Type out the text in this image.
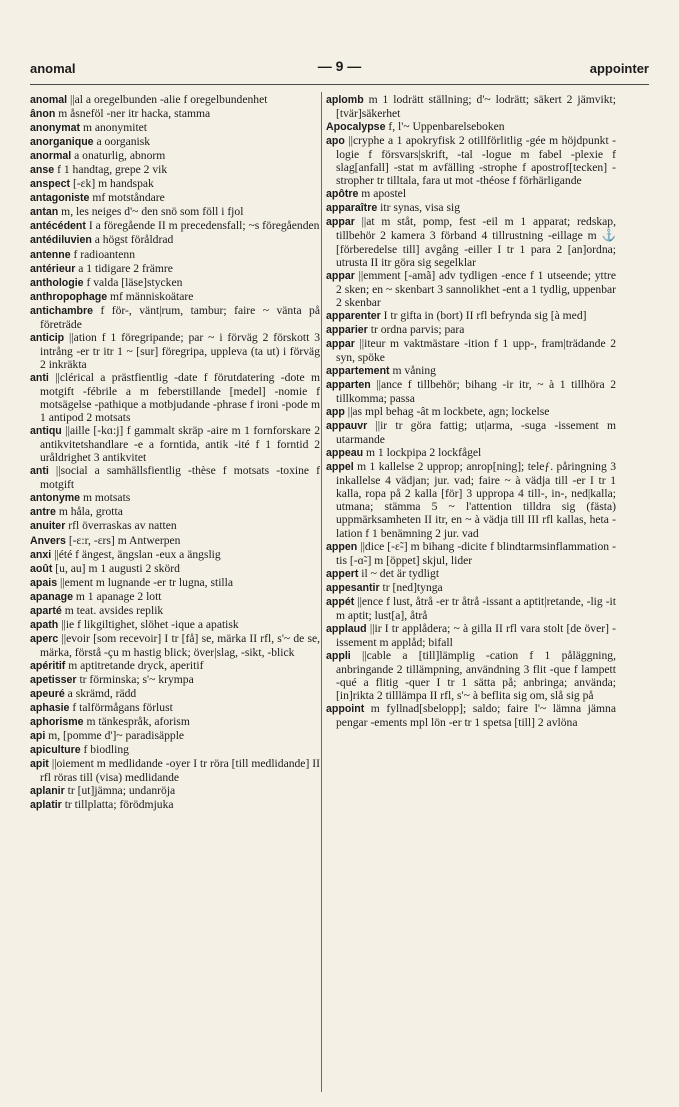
anomal	— 9 —	appointer

anomal ||al a oregelbunden -alie f oregelbundenhet

ânon m åsneföl -ner itr hacka, stamma

anonymat m anonymitet

anorganique a oorganisk

anormal a onaturlig, abnorm

anse f 1 handtag, grepe 2 vik

anspect [-ɛk] m handspak

antagoniste mf motståndare

antan m, les neiges d'~ den snö som föll i fjol

antécédent I a föregående II m precedensfall; ~s föregåenden

antédiluvien a högst föråldrad

antenne f radioantenn

antérieur a 1 tidigare 2 främre

anthologie f valda [läse]stycken

anthropophage mf människoätare

antichambre f för-, vänt|rum, tambur; faire ~ vänta på företräde

anticip ||ation f 1 föregripande; par ~ i förväg 2 förskott 3 intrång -er tr itr 1 ~ [sur] föregripa, uppleva (ta ut) i förväg 2 inkräkta

anti ||clérical a prästfientlig -date f förutdatering -dote m motgift -fébrile a m feberstillande [medel] -nomie f motsägelse -pathique a motbjudande -phrase f ironi -pode m 1 antipod 2 motsats

antiqu ||aille [-kɑ:j] f gammalt skräp -aire m 1 fornforskare 2 antikvitetshandlare -e a forntida, antik -ité f 1 forntid 2 uråldrighet 3 antikvitet

anti ||social a samhällsfientlig -thèse f motsats -toxine f motgift

antonyme m motsats

antre m håla, grotta

anuiter rfl överraskas av natten

Anvers [-ɛ:r, -ɛrs] m Antwerpen

anxi ||été f ängest, ängslan -eux a ängslig

août [u, au] m 1 augusti 2 skörd

apais ||ement m lugnande -er tr lugna, stilla

apanage m 1 apanage 2 lott

aparté m teat. avsides replik

apath ||ie f likgiltighet, slöhet -ique a apatisk

aperc ||evoir [som recevoir] I tr [få] se, märka II rfl, s'~ de se, märka, förstå -çu m hastig blick; över|slag, -sikt, -blick

apéritif m aptitretande dryck, aperitif

apetisser tr förminska; s'~ krympa

apeuré a skrämd, rädd

aphasie f talförmågans förlust

aphorisme m tänkespråk, aforism

api m, [pomme d']~ paradisäpple

apiculture f biodling

apit ||oiement m medlidande -oyer I tr röra [till medlidande] II rfl röras till (visa) medlidande

aplanir tr [ut]jämna; undanröja

aplatir tr tillplatta; förödmjuka

aplomb m 1 lodrätt ställning; d'~ lodrätt; säkert 2 jämvikt; [tvär]säkerhet

Apocalypse f, l'~ Uppenbarelseboken

apo ||cryphe a 1 apokryfisk 2 otillförlitlig -gée m höjdpunkt -logie f försvars|skrift, -tal -logue m fabel -plexie f slag[anfall] -stat m avfälling -strophe f apostrof[tecken] -stropher tr tilltala, fara ut mot -théose f förhärligande

apôtre m apostel

apparaître itr synas, visa sig

appar ||at m ståt, pomp, fest -eil m 1 apparat; redskap, tillbehör 2 kamera 3 förband 4 tillrustning -eillage m ⚓ [förberedelse till] avgång -eiller I tr 1 para 2 [an]ordna; utrusta II itr göra sig segelklar

appar ||emment [-amã] adv tydligen -ence f 1 utseende; yttre 2 sken; en ~ skenbart 3 sannolikhet -ent a 1 tydlig, uppenbar 2 skenbar

apparenter I tr gifta in (bort) II rfl befrynda sig [à med]

apparier tr ordna parvis; para

appar ||iteur m vaktmästare -ition f 1 upp-, fram|trädande 2 syn, spöke

appartement m våning

apparten ||ance f tillbehör; bihang -ir itr, ~ à 1 tillhöra 2 tillkomma; passa

app ||as mpl behag -ât m lockbete, agn; lockelse

appauvr ||ir tr göra fattig; ut|arma, -suga -issement m utarmande

appeau m 1 lockpipa 2 lockfågel

appel m 1 kallelse 2 upprop; anrop[ning]; teleƒ. påringning 3 inkallelse 4 vädjan; jur. vad; faire ~ à vädja till -er I tr 1 kalla, ropa på 2 kalla [för] 3 uppropa 4 till-, in-, ned|kalla; utmana; stämma 5 ~ l'attention tilldra sig (fästa) uppmärksamheten II itr, en ~ à vädja till III rfl kallas, heta -lation f 1 benämning 2 jur. vad

appen ||dice [-ɛ̃-] m bihang -dicite f blindtarmsinflammation -tis [-ɑ̃-] m [öppet] skjul, lider

appert il ~ det är tydligt

appesantir tr [ned]tynga

appét ||ence f lust, åtrå -er tr åtrå -issant a aptit|retande, -lig -it m aptit; lust[a], åtrå

applaud ||ir I tr applådera; ~ à gilla II rfl vara stolt [de över] -issement m applåd; bifall

appli ||cable a [till]lämplig -cation f 1 påläggning, anbringande 2 tillämpning, användning 3 flit -que f lampett -qué a flitig -quer I tr 1 sätta på; anbringa; använda; [in]rikta 2 tilllämpa II rfl, s'~ à beflita sig om, slå sig på

appoint m fyllnad[sbelopp]; saldo; faire l'~ lämna jämna pengar -ements mpl lön -er tr 1 spetsa [till] 2 avlöna
